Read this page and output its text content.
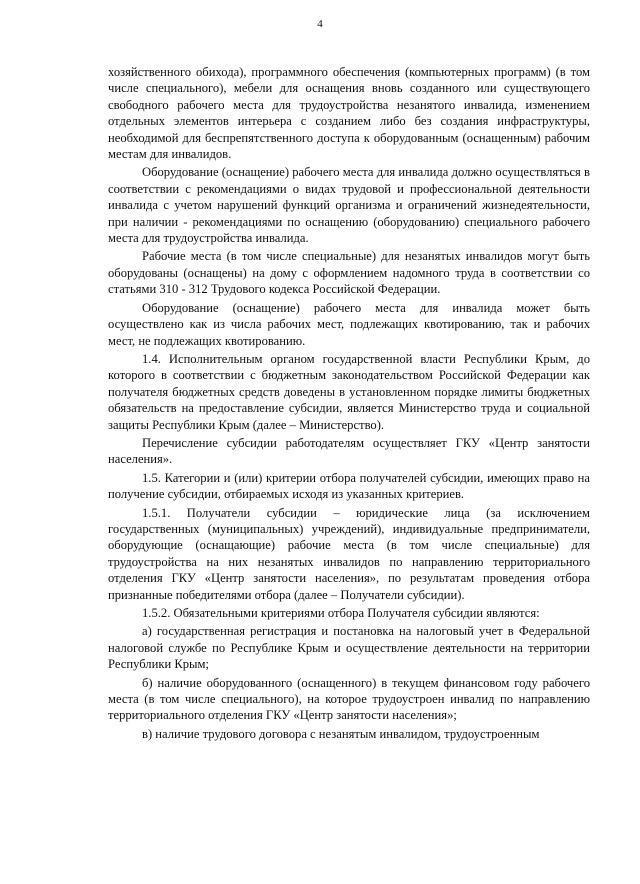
4

хозяйственного обихода), программного обеспечения (компьютерных программ) (в том числе специального), мебели для оснащения вновь созданного или существующего свободного рабочего места для трудоустройства незанятого инвалида, изменением отдельных элементов интерьера с созданием либо без создания инфраструктуры, необходимой для беспрепятственного доступа к оборудованным (оснащенным) рабочим местам для инвалидов.

Оборудование (оснащение) рабочего места для инвалида должно осуществляться в соответствии с рекомендациями о видах трудовой и профессиональной деятельности инвалида с учетом нарушений функций организма и ограничений жизнедеятельности, при наличии - рекомендациями по оснащению (оборудованию) специального рабочего места для трудоустройства инвалида.

Рабочие места (в том числе специальные) для незанятых инвалидов могут быть оборудованы (оснащены) на дому с оформлением надомного труда в соответствии со статьями 310 - 312 Трудового кодекса Российской Федерации.

Оборудование (оснащение) рабочего места для инвалида может быть осуществлено как из числа рабочих мест, подлежащих квотированию, так и рабочих мест, не подлежащих квотированию.

1.4. Исполнительным органом государственной власти Республики Крым, до которого в соответствии с бюджетным законодательством Российской Федерации как получателя бюджетных средств доведены в установленном порядке лимиты бюджетных обязательств на предоставление субсидии, является Министерство труда и социальной защиты Республики Крым (далее – Министерство).

Перечисление субсидии работодателям осуществляет ГКУ «Центр занятости населения».

1.5. Категории и (или) критерии отбора получателей субсидии, имеющих право на получение субсидии, отбираемых исходя из указанных критериев.

1.5.1. Получатели субсидии – юридические лица (за исключением государственных (муниципальных) учреждений), индивидуальные предприниматели, оборудующие (оснащающие) рабочие места (в том числе специальные) для трудоустройства на них незанятых инвалидов по направлению территориального отделения ГКУ «Центр занятости населения», по результатам проведения отбора признанные победителями отбора (далее – Получатели субсидии).

1.5.2. Обязательными критериями отбора Получателя субсидии являются:

а) государственная регистрация и постановка на налоговый учет в Федеральной налоговой службе по Республике Крым и осуществление деятельности на территории Республики Крым;

б) наличие оборудованного (оснащенного) в текущем финансовом году рабочего места (в том числе специального), на которое трудоустроен инвалид по направлению территориального отделения ГКУ «Центр занятости населения»;

в) наличие трудового договора с незанятым инвалидом, трудоустроенным
